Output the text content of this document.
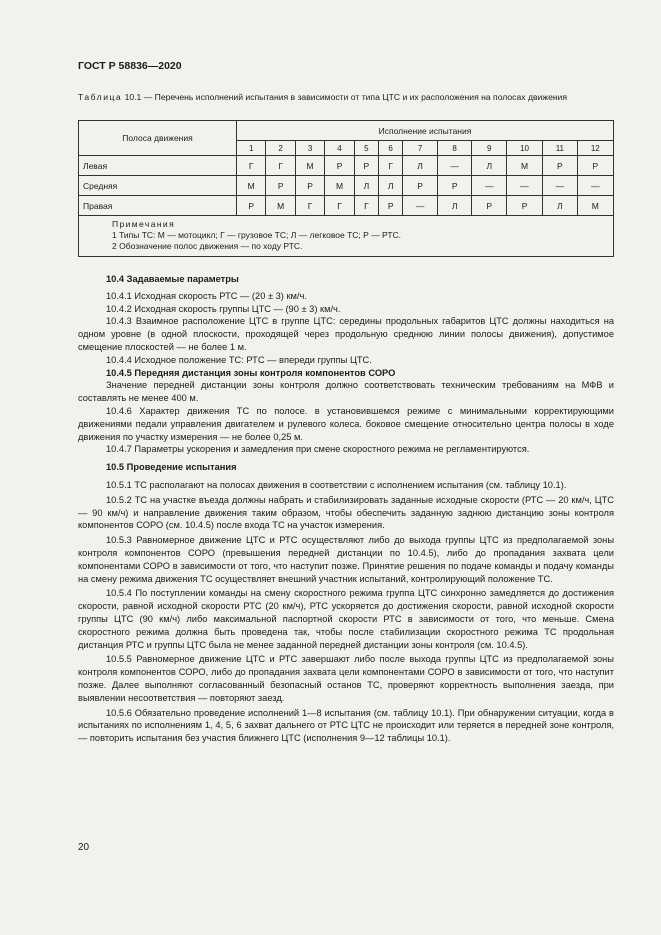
ГОСТ Р 58836—2020
Таблица 10.1 — Перечень исполнений испытания в зависимости от типа ЦТС и их расположения на полосах движения
Полоса движения	Исполнение испытания											
	1	2	3	4	5	6	7	8	9	10	11	12
Левая	Г	Г	М	Р	Р	Г	Л	—	Л	М	Р	Р
Средняя	М	Р	Р	М	Л	Л	Р	Р	—	—	—	—
Правая	Р	М	Г	Г	Г	Р	—	Л	Р	Р	Л	М

Примечания
1 Типы ТС: М — мотоцикл; Г — грузовое ТС; Л — легковое ТС; Р — РТС.
2 Обозначение полос движения — по ходу РТС.												

10.4 Задаваемые параметры

10.4.1 Исходная скорость РТС — (20 ± 3) км/ч.

10.4.2 Исходная скорость группы ЦТС — (90 ± 3) км/ч.

10.4.3 Взаимное расположение ЦТС в группе ЦТС: середины продольных габаритов ЦТС должны находиться на одном уровне (в одной плоскости, проходящей через продольную среднюю линии полосы движения), допустимое смещение плоскостей — не более 1 м.

10.4.4 Исходное положение ТС: РТС — впереди группы ЦТС.

10.4.5 Передняя дистанция зоны контроля компонентов СОРО

Значение передней дистанции зоны контроля должно соответствовать техническим требованиям на МФВ и составлять не менее 400 м.

10.4.6 Характер движения ТС по полосе. в установившемся режиме с минимальными корректирующими движениями педали управления двигателем и рулевого колеса. боковое смещение относительно центра полосы в ходе движения по участку измерения — не более 0,25 м.

10.4.7 Параметры ускорения и замедления при смене скоростного режима не регламентируются.

10.5 Проведение испытания

10.5.1 ТС располагают на полосах движения в соответствии с исполнением испытания (см. таблицу 10.1).

10.5.2 ТС на участке въезда должны набрать и стабилизировать заданные исходные скорости (РТС — 20 км/ч, ЦТС — 90 км/ч) и направление движения таким образом, чтобы обеспечить заданную заднюю дистанцию зоны контроля компонентов СОРО (см. 10.4.5) после входа ТС на участок измерения.

10.5.3 Равномерное движение ЦТС и РТС осуществляют либо до выхода группы ЦТС из предполагаемой зоны контроля компонентов СОРО (превышения передней дистанции по 10.4.5), либо до пропадания захвата цели компонентами СОРО в зависимости от того, что наступит позже. Принятие решения по подаче команды и подачу команды на смену режима движения ТС осуществляет внешний участник испытаний, контролирующий положение ТС.

10.5.4 По поступлении команды на смену скоростного режима группа ЦТС синхронно замедляется до достижения скорости, равной исходной скорости РТС (20 км/ч), РТС ускоряется до достижения скорости, равной исходной скорости группы ЦТС (90 км/ч) либо максимальной паспортной скорости РТС в зависимости от того, что меньше. Смена скоростного режима должна быть проведена так, чтобы после стабилизации скоростного режима ТС продольная дистанция РТС и группы ЦТС была не менее заданной передней дистанции зоны контроля (см. 10.4.5).

10.5.5 Равномерное движение ЦТС и РТС завершают либо после выхода группы ЦТС из предполагаемой зоны контроля компонентов СОРО, либо до пропадания захвата цели компонентами СОРО в зависимости от того, что наступит позже. Далее выполняют согласованный безопасный останов ТС, проверяют корректность выполнения заезда, при выявлении несоответствия — повторяют заезд.

10.5.6 Обязательно проведение исполнений 1—8 испытания (см. таблицу 10.1). При обнаружении ситуации, когда в испытаниях по исполнениям 1, 4, 5, 6 захват дальнего от РТС ЦТС не происходит или теряется в передней зоне контроля, — повторить испытания без участия ближнего ЦТС (исполнения 9—12 таблицы 10.1).

20
